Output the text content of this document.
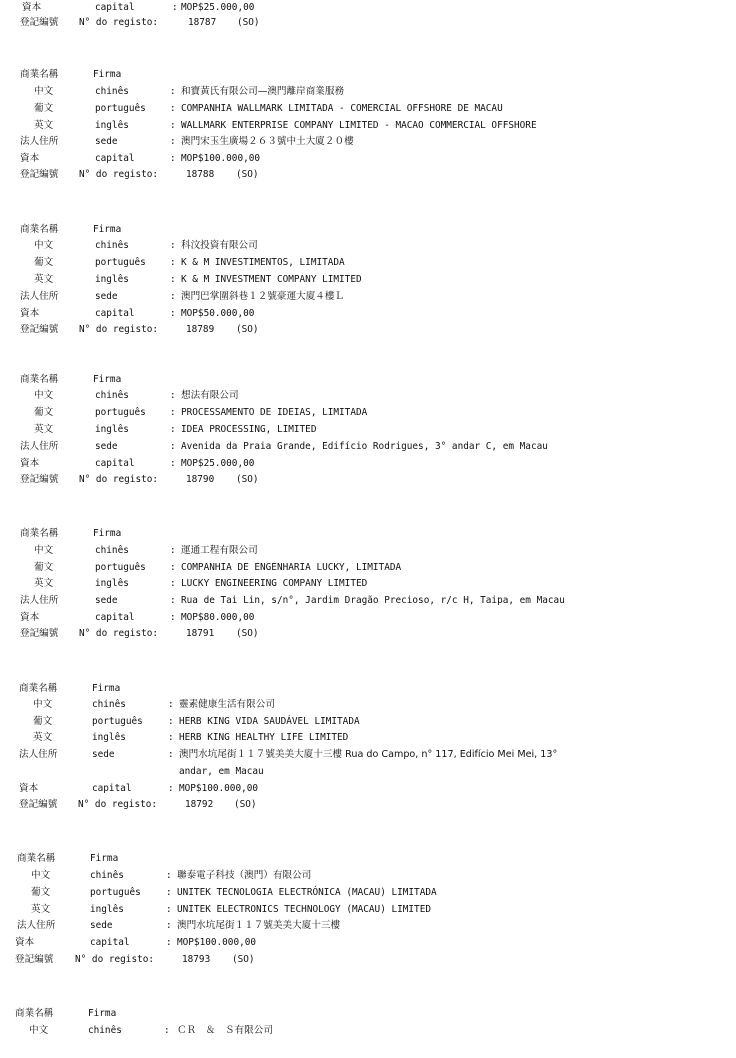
資本	capital	: MOP$25.000,00
登記編號 N° do registo:	18787 (SO)
商業名稱	Firma
中文	chinês	: 和寶黃氏有限公司—澳門離岸商業服務
葡文	português	: COMPANHIA WALLMARK LIMITADA - COMERCIAL OFFSHORE DE MACAU
英文	inglês	: WALLMARK ENTERPRISE COMPANY LIMITED - MACAO COMMERCIAL OFFSHORE
法人住所	sede	: 澳門宋玉生廣場２６３號中土大廈２０樓
資本	capital	: MOP$100.000,00
登記編號 N° do registo:	18788 (SO)
商業名稱	Firma
中文	chinês	: 科汶投資有限公司
葡文	português	: K & M INVESTIMENTOS, LIMITADA
英文	inglês	: K & M INVESTMENT COMPANY LIMITED
法人住所	sede	: 澳門巴掌圍斜巷１２號豪運大廈４樓Ｌ
資本	capital	: MOP$50.000,00
登記編號 N° do registo:	18789 (SO)
商業名稱	Firma
中文	chinês	: 想法有限公司
葡文	português	: PROCESSAMENTO DE IDEIAS, LIMITADA
英文	inglês	: IDEA PROCESSING, LIMITED
法人住所	sede	: Avenida da Praia Grande, Edifício Rodrigues, 3° andar C, em Macau
資本	capital	: MOP$25.000,00
登記編號 N° do registo:	18790 (SO)
商業名稱	Firma
中文	chinês	: 運通工程有限公司
葡文	português	: COMPANHIA DE ENGENHARIA LUCKY, LIMITADA
英文	inglês	: LUCKY ENGINEERING COMPANY LIMITED
法人住所	sede	: Rua de Tai Lin, s/n°, Jardim Dragão Precioso, r/c H, Taipa, em Macau
資本	capital	: MOP$80.000,00
登記編號 N° do registo:	18791 (SO)
商業名稱	Firma
中文	chinês	: 靈素健康生活有限公司
葡文	português	: HERB KING VIDA SAUDÁVEL LIMITADA
英文	inglês	: HERB KING HEALTHY LIFE LIMITED
法人住所	sede	: 澳門水坑尾街１１７號美美大廈十三樓 Rua do Campo, n° 117, Edifício Mei Mei, 13°
andar, em Macau
資本	capital	: MOP$100.000,00
登記編號 N° do registo:	18792 (SO)
商業名稱	Firma
中文	chinês	: 聯泰電子科技（澳門）有限公司
葡文	português	: UNITEK TECNOLOGIA ELECTRÓNICA (MACAU) LIMITADA
英文	inglês	: UNITEK ELECTRONICS TECHNOLOGY (MACAU) LIMITED
法人住所	sede	: 澳門水坑尾街１１７號美美大廈十三樓
資本	capital	: MOP$100.000,00
登記編號 N° do registo:	18793 (SO)
商業名稱	Firma
中文	chinês	: ＣＲ　＆　Ｓ有限公司
